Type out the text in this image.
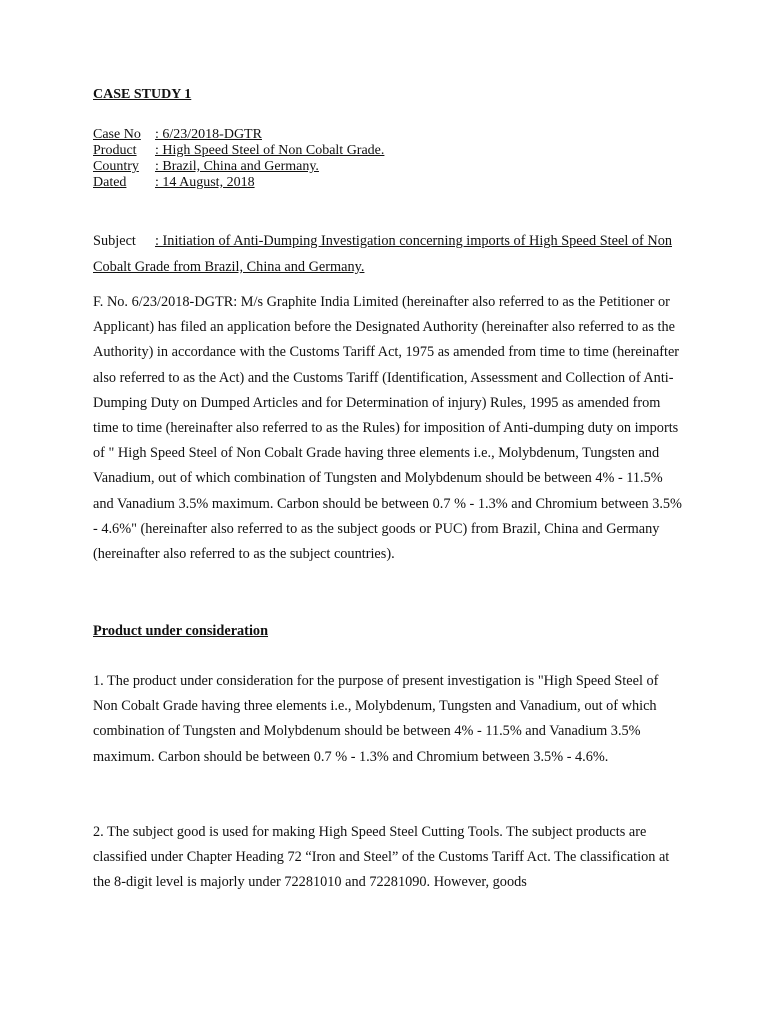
CASE STUDY 1
Case No	: 6/23/2018-DGTR
Product	: High Speed Steel of Non Cobalt Grade.
Country	: Brazil, China and Germany.
Dated	: 14 August, 2018

Subject : Initiation of Anti-Dumping Investigation concerning imports of High Speed Steel of Non Cobalt Grade from Brazil, China and Germany.

F. No. 6/23/2018-DGTR: M/s Graphite India Limited (hereinafter also referred to as the Petitioner or Applicant) has filed an application before the Designated Authority (hereinafter also referred to as the Authority) in accordance with the Customs Tariff Act, 1975 as amended from time to time (hereinafter also referred to as the Act) and the Customs Tariff (Identification, Assessment and Collection of Anti-Dumping Duty on Dumped Articles and for Determination of injury) Rules, 1995 as amended from time to time (hereinafter also referred to as the Rules) for imposition of Anti-dumping duty on imports of " High Speed Steel of Non Cobalt Grade having three elements i.e., Molybdenum, Tungsten and Vanadium, out of which combination of Tungsten and Molybdenum should be between 4% - 11.5% and Vanadium 3.5% maximum. Carbon should be between 0.7 % - 1.3% and Chromium between 3.5% - 4.6%" (hereinafter also referred to as the subject goods or PUC) from Brazil, China and Germany (hereinafter also referred to as the subject countries).

Product under consideration

1. The product under consideration for the purpose of present investigation is "High Speed Steel of Non Cobalt Grade having three elements i.e., Molybdenum, Tungsten and Vanadium, out of which combination of Tungsten and Molybdenum should be between 4% - 11.5% and Vanadium 3.5% maximum. Carbon should be between 0.7 % - 1.3% and Chromium between 3.5% - 4.6%.

2. The subject good is used for making High Speed Steel Cutting Tools. The subject products are classified under Chapter Heading 72 “Iron and Steel” of the Customs Tariff Act. The classification at the 8-digit level is majorly under 72281010 and 72281090. However, goods
